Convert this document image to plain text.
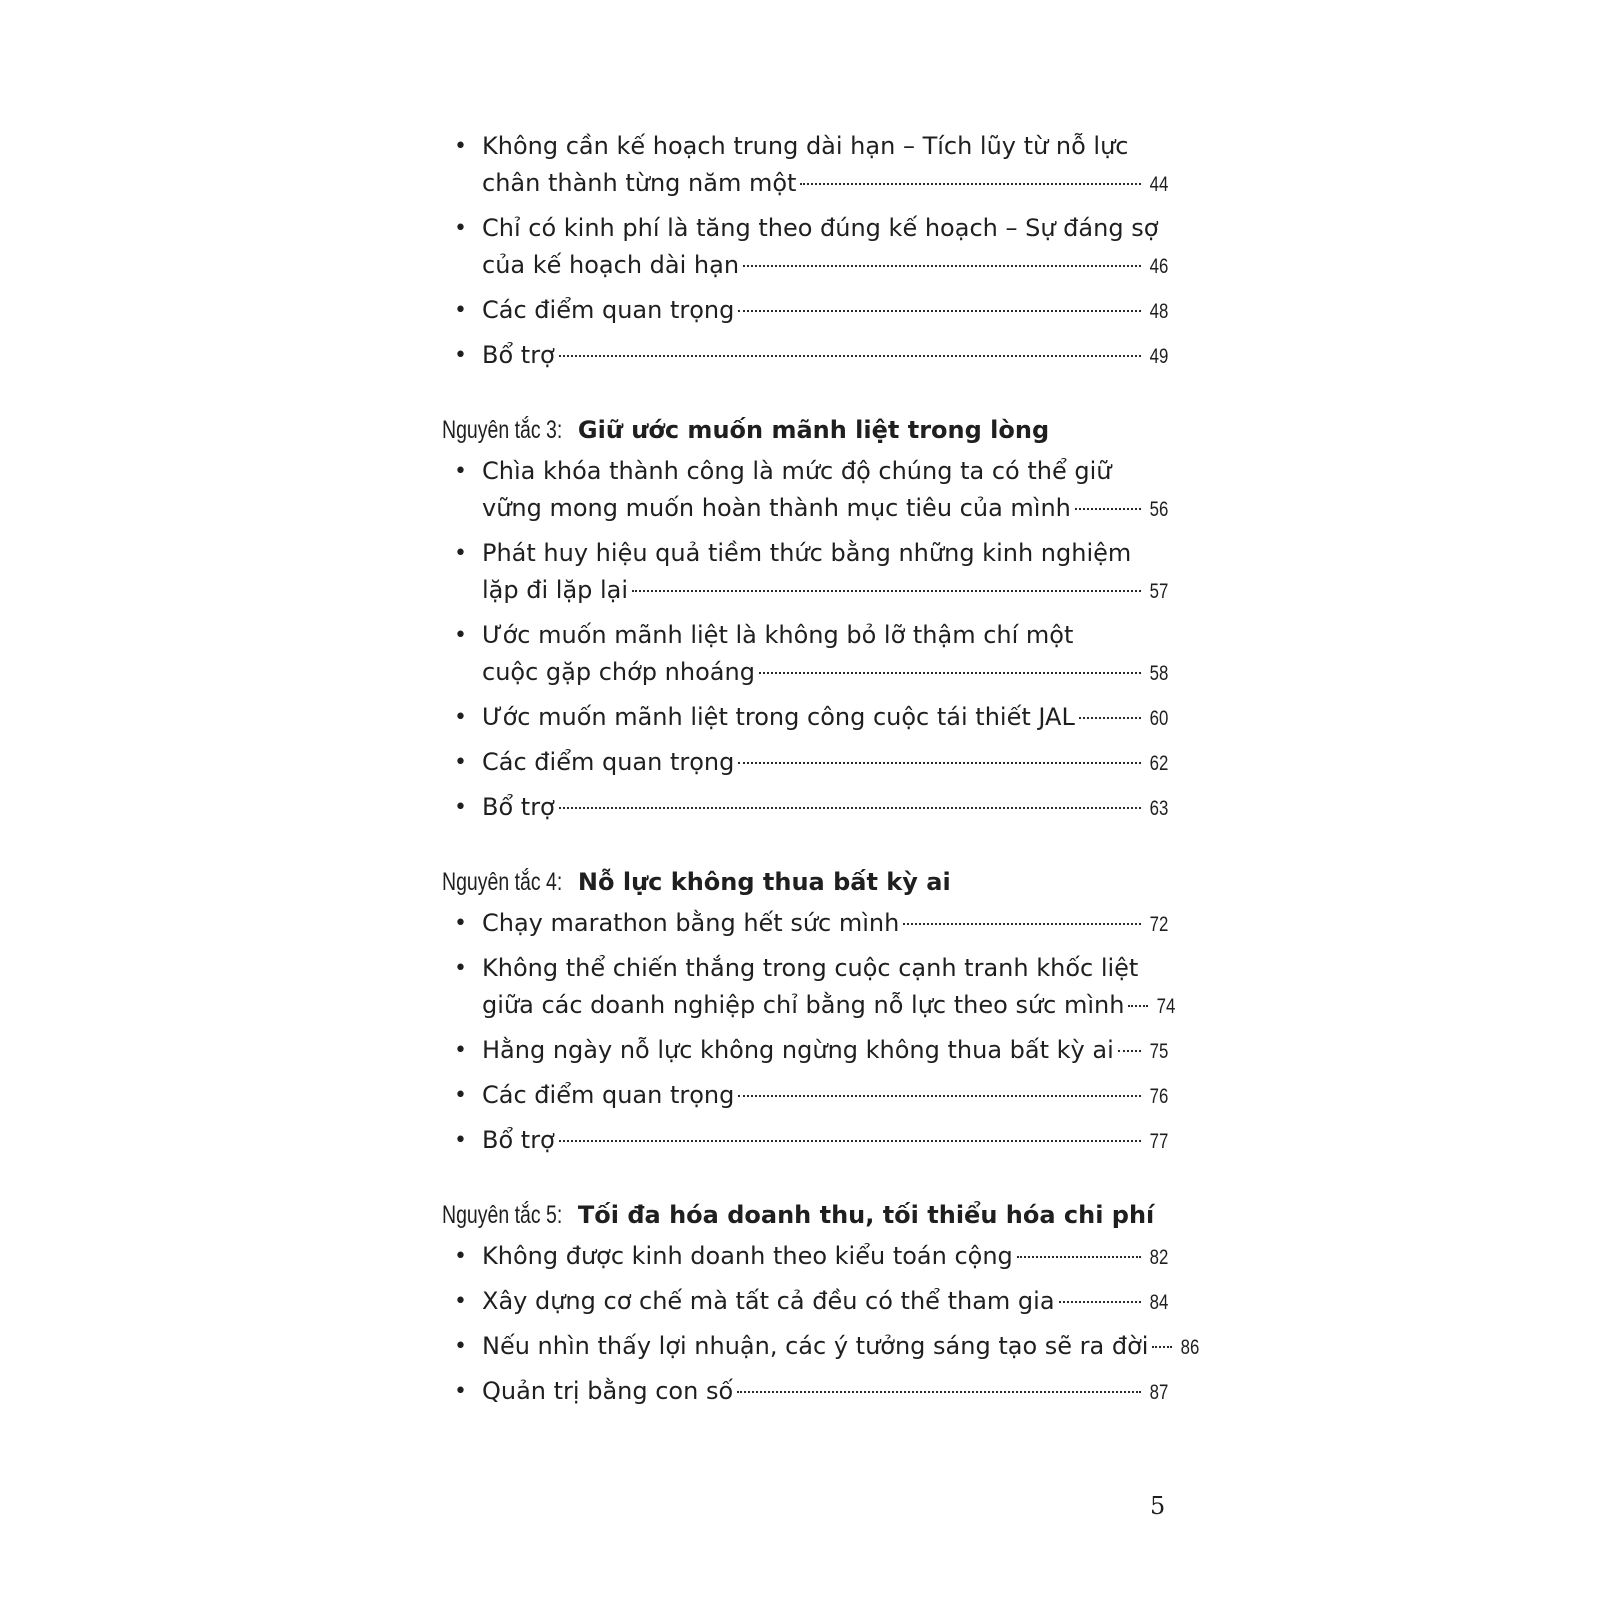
• Không cần kế hoạch trung dài hạn – Tích lũy từ nỗ lực
chân thành từng năm một	44
• Chỉ có kinh phí là tăng theo đúng kế hoạch – Sự đáng sợ
của kế hoạch dài hạn	46
• Các điểm quan trọng	48
• Bổ trợ	49
Nguyên tắc 3: Giữ ước muốn mãnh liệt trong lòng
• Chìa khóa thành công là mức độ chúng ta có thể giữ
vững mong muốn hoàn thành mục tiêu của mình	56
• Phát huy hiệu quả tiềm thức bằng những kinh nghiệm
lặp đi lặp lại	57
• Ước muốn mãnh liệt là không bỏ lỡ thậm chí một
cuộc gặp chớp nhoáng	58
• Ước muốn mãnh liệt trong công cuộc tái thiết JAL	60
• Các điểm quan trọng	62
• Bổ trợ	63
Nguyên tắc 4: Nỗ lực không thua bất kỳ ai
• Chạy marathon bằng hết sức mình	72
• Không thể chiến thắng trong cuộc cạnh tranh khốc liệt
giữa các doanh nghiệp chỉ bằng nỗ lực theo sức mình 74
• Hằng ngày nỗ lực không ngừng không thua bất kỳ ai 75
• Các điểm quan trọng	76
• Bổ trợ	77
Nguyên tắc 5: Tối đa hóa doanh thu, tối thiểu hóa chi phí
• Không được kinh doanh theo kiểu toán cộng	82
• Xây dựng cơ chế mà tất cả đều có thể tham gia	84
• Nếu nhìn thấy lợi nhuận, các ý tưởng sáng tạo sẽ ra đời 86
• Quản trị bằng con số	87
5
